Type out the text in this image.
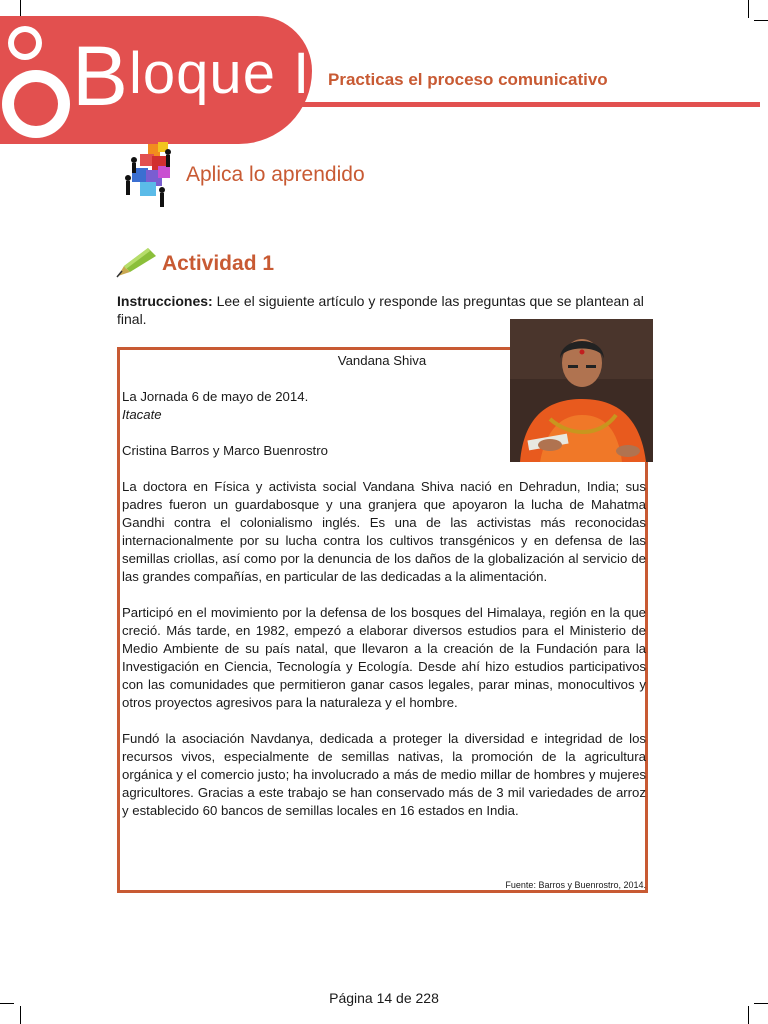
Bloque I Practicas el proceso comunicativo
Aplica lo aprendido
Actividad 1
Instrucciones: Lee el siguiente artículo y responde las preguntas que se plantean al final.

Vandana Shiva

La Jornada 6 de mayo de 2014.

Itacate

Cristina Barros y Marco Buenrostro

La doctora en Física y activista social Vandana Shiva nació en Dehradun, India; sus padres fueron un guardabosque y una granjera que apoyaron la lucha de Mahatma Gandhi contra el colonialismo inglés. Es una de las activistas más reconocidas internacionalmente por su lucha contra los cultivos transgénicos y en defensa de las semillas criollas, así como por la denuncia de los daños de la globalización al servicio de las grandes compañías, en particular de las dedicadas a la alimentación.

Participó en el movimiento por la defensa de los bosques del Himalaya, región en la que creció. Más tarde, en 1982, empezó a elaborar diversos estudios para el Ministerio de Medio Ambiente de su país natal, que llevaron a la creación de la Fundación para la Investigación en Ciencia, Tecnología y Ecología. Desde ahí hizo estudios participativos con las comunidades que permitieron ganar casos legales, parar minas, monocultivos y otros proyectos agresivos para la naturaleza y el hombre.

Fundó la asociación Navdanya, dedicada a proteger la diversidad e integridad de los recursos vivos, especialmente de semillas nativas, la promoción de la agricultura orgánica y el comercio justo; ha involucrado a más de medio millar de hombres y mujeres agricultores. Gracias a este trabajo se han conservado más de 3 mil variedades de arroz y establecido 60 bancos de semillas locales en 16 estados en India.

Fuente: Barros y Buenrostro, 2014.
Página 14 de 228
